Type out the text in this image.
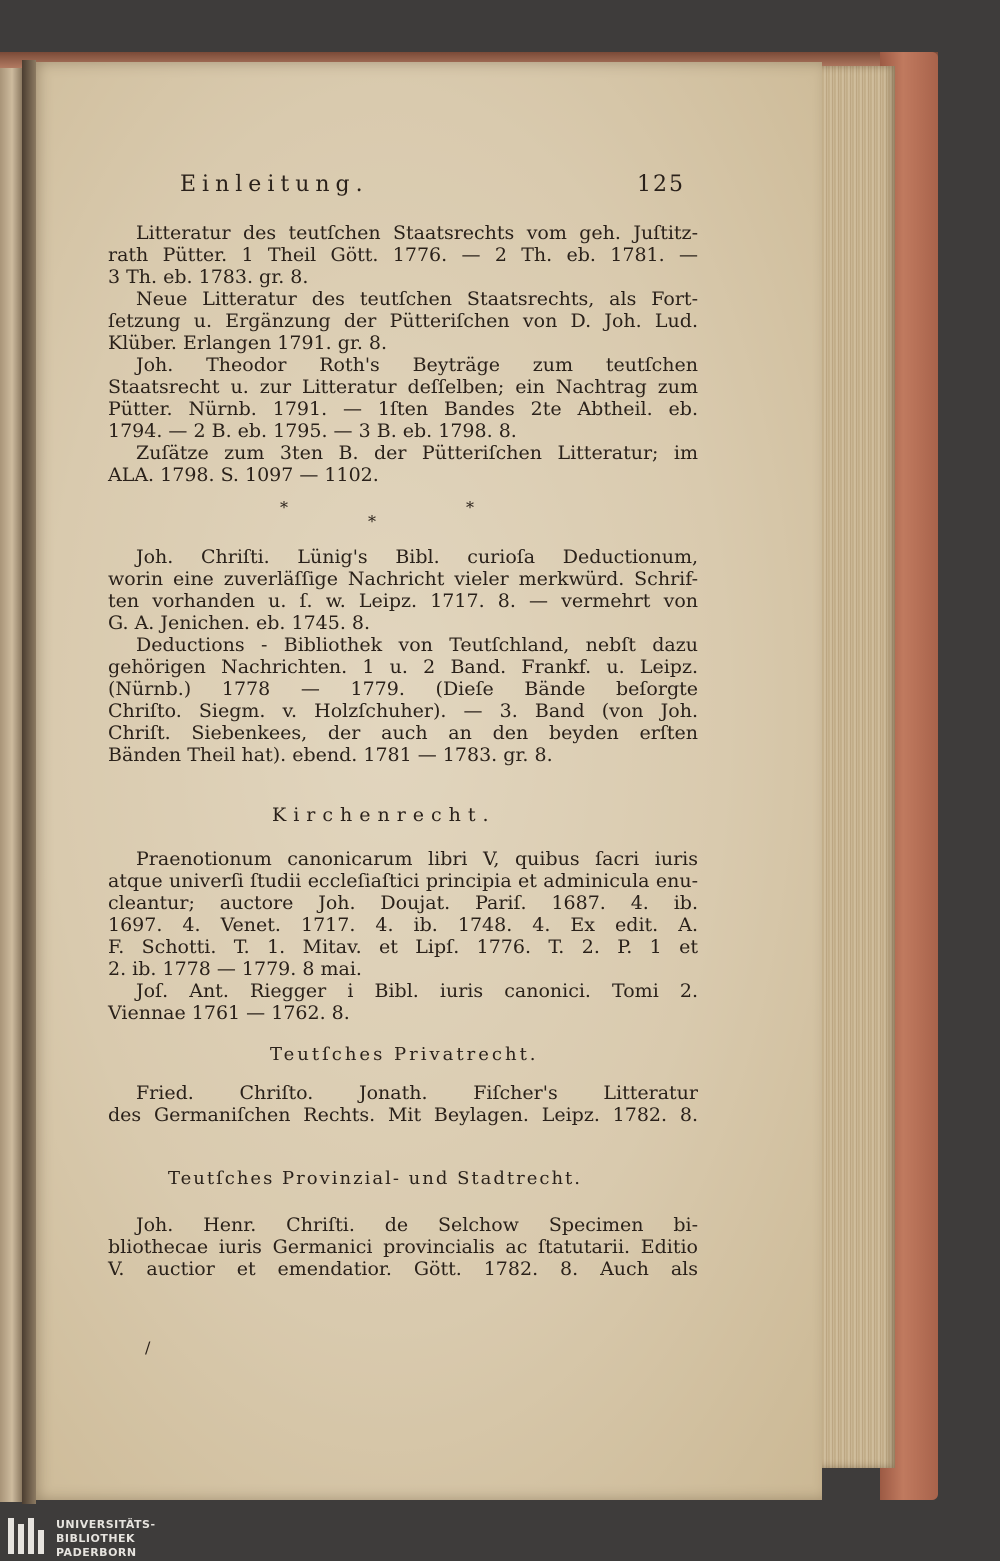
Einleitung.	125
Litteratur des teutſchen Staatsrechts vom geh. Juſtitz-
rath Pütter. 1 Theil Gött. 1776. — 2 Th. eb. 1781. —
3 Th. eb. 1783. gr. 8.
Neue Litteratur des teutſchen Staatsrechts, als Fort-
ſetzung u. Ergänzung der Pütteriſchen von D. Joh. Lud.
Klüber. Erlangen 1791. gr. 8.
Joh. Theodor Roth's Beyträge zum teutſchen
Staatsrecht u. zur Litteratur deſſelben; ein Nachtrag zum
Pütter. Nürnb. 1791. — 1ſten Bandes 2te Abtheil. eb.
1794. — 2 B. eb. 1795. — 3 B. eb. 1798. 8.
Zuſätze zum 3ten B. der Pütteriſchen Litteratur; im
ALA. 1798. S. 1097 — 1102.
*
*
*
Joh. Chriſti. Lünig's Bibl. curioſa Deductionum,
worin eine zuverläſſige Nachricht vieler merkwürd. Schrif-
ten vorhanden u. ſ. w. Leipz. 1717. 8. — vermehrt von
G. A. Jenichen. eb. 1745. 8.
Deductions - Bibliothek von Teutſchland, nebſt dazu
gehörigen Nachrichten. 1 u. 2 Band. Frankf. u. Leipz.
(Nürnb.) 1778 — 1779. (Dieſe Bände beſorgte
Chriſto. Siegm. v. Holzſchuher). — 3. Band (von Joh.
Chriſt. Siebenkees, der auch an den beyden erſten
Bänden Theil hat). ebend. 1781 — 1783. gr. 8.
Kirchenrecht.
Praenotionum canonicarum libri V, quibus ſacri iuris
atque univerſi ſtudii eccleſiaſtici principia et adminicula enu-
cleantur; auctore Joh. Doujat. Pariſ. 1687. 4. ib.
1697. 4. Venet. 1717. 4. ib. 1748. 4. Ex edit. A.
F. Schotti. T. 1. Mitav. et Lipſ. 1776. T. 2. P. 1 et
2. ib. 1778 — 1779. 8 mai.
Joſ. Ant. Riegger i Bibl. iuris canonici. Tomi 2.
Viennae 1761 — 1762. 8.
Teutſches Privatrecht.
Fried. Chriſto. Jonath. Fiſcher's Litteratur
des Germaniſchen Rechts. Mit Beylagen. Leipz. 1782. 8.
Teutſches Provinzial- und Stadtrecht.
Joh. Henr. Chriſti. de Selchow Specimen bi-
bliothecae iuris Germanici provincialis ac ſtatutarii. Editio
V. auctior et emendatior. Gött. 1782. 8. Auch als
/
UNIVERSITÄTS-
BIBLIOTHEK
PADERBORN
